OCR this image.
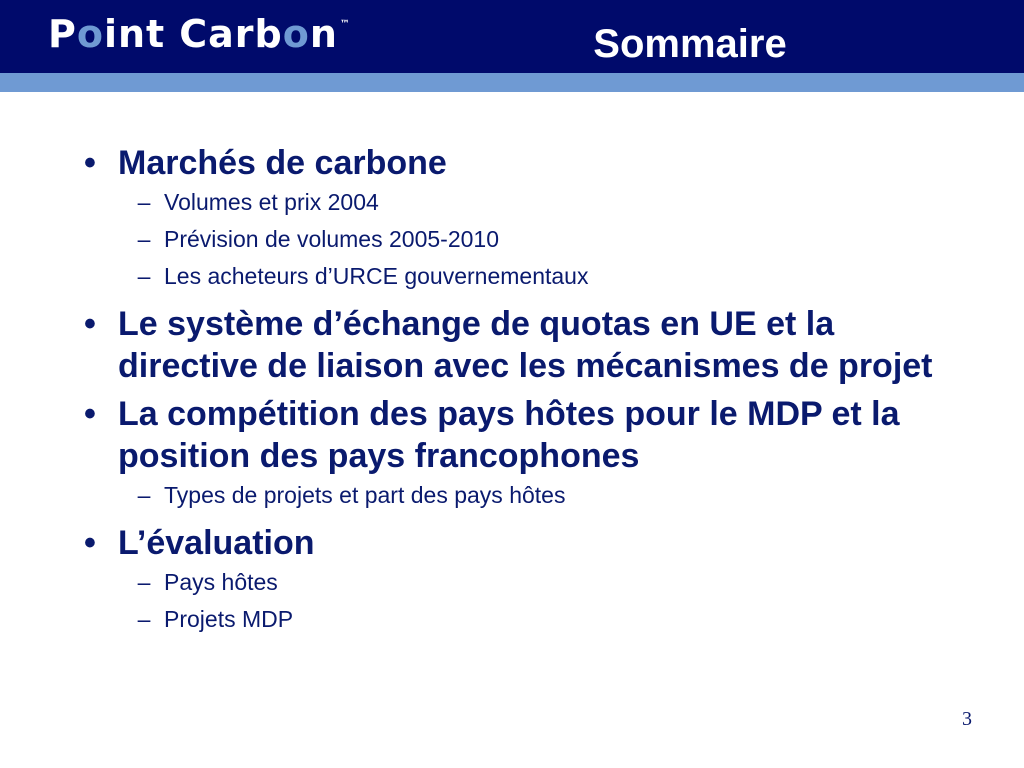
P o int C arb o n ™	Sommaire
• Marchés de carbone
– Volumes et prix 2004
– Prévision de volumes 2005-2010
– Les acheteurs d’URCE gouvernementaux
• Le système d’échange de quotas en UE et la directive de liaison avec les mécanismes de projet
• La compétition des pays hôtes pour le MDP et la position des pays francophones
– Types de projets et part des pays hôtes
• L’évaluation
– Pays hôtes
– Projets MDP
3
